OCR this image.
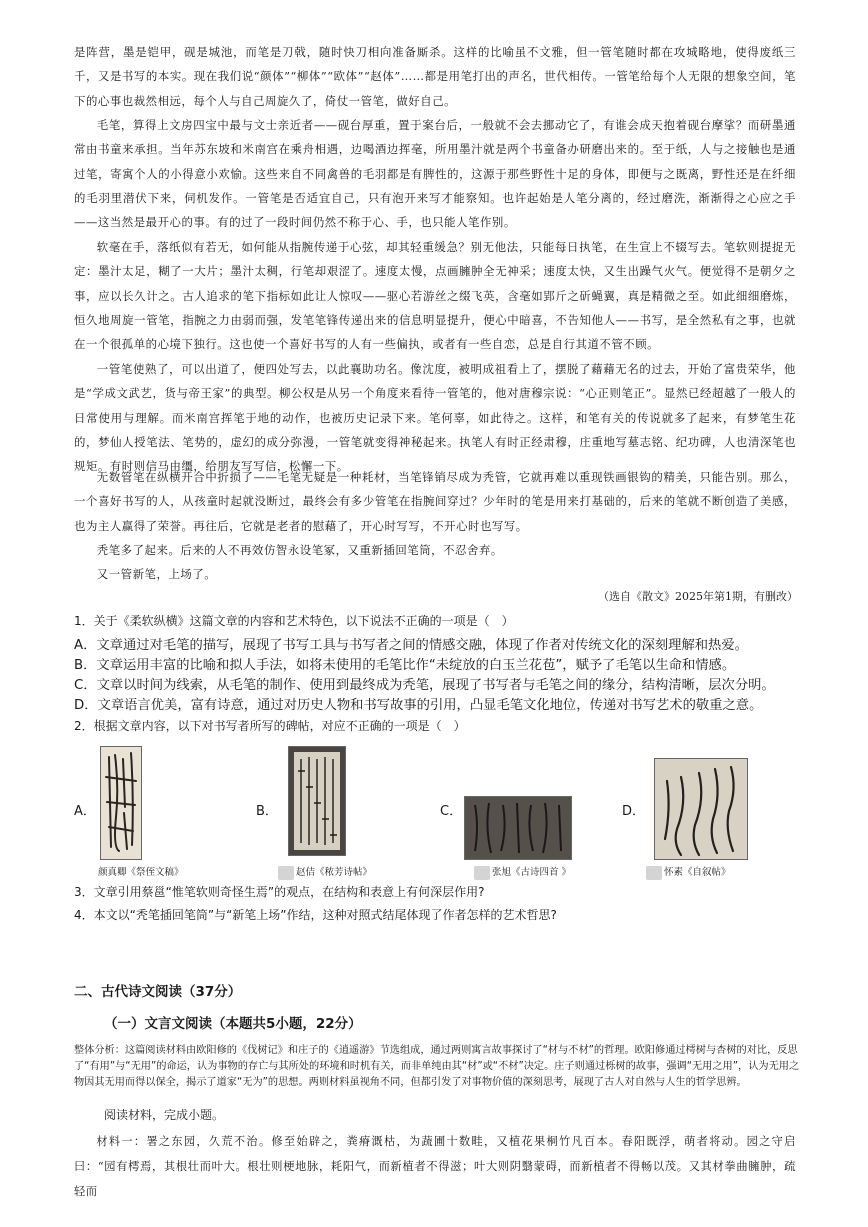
是阵营，墨是铠甲，砚是城池，而笔是刀戟，随时快刀相向准备厮杀。这样的比喻虽不文雅，但一管笔随时都在攻城略地，使得废纸三千，又是书写的本实。现在我们说“颜体”“柳体”“欧体”“赵体”……都是用笔打出的声名，世代相传。一管笔给每个人无限的想象空间，笔下的心事也裁然相远，每个人与自己周旋久了，倚仗一管笔，做好自己。
毛笔，算得上文房四宝中最与文士亲近者——砚台厚重，置于案台后，一般就不会去挪动它了，有谁会成天抱着砚台摩挲？而研墨通常由书童来承担。当年苏东坡和米南宫在乘舟相遇，边喝酒边挥毫，所用墨汁就是两个书童备办研磨出来的。至于纸，人与之接触也是通过笔，寄寓个人的小得意小欢愉。这些来自不同禽兽的毛羽都是有脾性的，这源于那些野性十足的身体，即便与之既离，野性还是在纤细的毛羽里潜伏下来，伺机发作。一管笔是否适宜自己，只有泡开来写才能察知。也许起始是人笔分离的，经过磨洗，渐渐得之心应之手——这当然是最开心的事。有的过了一段时间仍然不称于心、手，也只能人笔作别。
软毫在手，落纸似有若无，如何能从指腕传递于心弦，却其轻重缓急？别无他法，只能每日执笔，在生宣上不辍写去。笔软则提捉无定：墨汁太足，糊了一大片；墨汁太稠，行笔却艰涩了。速度太慢，点画臃肿全无神采；速度太快，又生出躁气火气。便觉得不是朝夕之事，应以长久计之。古人追求的笔下指标如此让人惊叹——驱心若游丝之缀飞英，含毫如郢斤之斫蝇翼，真是精微之至。如此细细磨炼，恒久地周旋一管笔，指腕之力由弱而强，发笔笔锋传递出来的信息明显提升，便心中暗喜，不告知他人——书写，是全然私有之事，也就在一个很孤单的心境下独行。这也使一个喜好书写的人有一些偏执，或者有一些自恋，总是自行其道不管不顾。
一管笔使熟了，可以出道了，便四处写去，以此襄助功名。像沈度，被明成祖看上了，摆脱了藉藉无名的过去，开始了富贵荣华，他是“学成文武艺，货与帝王家”的典型。柳公权是从另一个角度来看待一管笔的，他对唐穆宗说：“心正则笔正”。显然已经超越了一般人的日常使用与理解。而米南宫挥笔于地的动作，也被历史记录下来。笔何辜，如此待之。这样，和笔有关的传说就多了起来，有梦笔生花的，梦仙人授笔法、笔势的，虚幻的成分弥漫，一管笔就变得神秘起来。执笔人有时正经肃穆，庄重地写墓志铭、纪功碑，人也清深笔也规矩。有时则信马由缰，给朋友写写信，松懈一下。
无数管笔在纵横开合中折损了——毛笔无疑是一种耗材，当笔锋销尽成为秃管，它就再难以重现铁画银钩的精美，只能告别。那么，一个喜好书写的人，从孩童时起就没断过，最终会有多少管笔在指腕间穿过？少年时的笔是用来打基础的，后来的笔就不断创造了美感，也为主人赢得了荣誉。再往后，它就是老者的慰藉了，开心时写写，不开心时也写写。
秃笔多了起来。后来的人不再效仿智永设笔冢，又重新插回笔筒，不忍舍弃。
又一管新笔，上场了。
（选自《散文》2025年第1期，有删改）
1．关于《柔软纵横》这篇文章的内容和艺术特色，以下说法不正确的一项是（　）
A．文章通过对毛笔的描写，展现了书写工具与书写者之间的情感交融，体现了作者对传统文化的深刻理解和热爱。
B．文章运用丰富的比喻和拟人手法，如将未使用的毛笔比作“未绽放的白玉兰花苞”，赋予了毛笔以生命和情感。
C．文章以时间为线索，从毛笔的制作、使用到最终成为秃笔，展现了书写者与毛笔之间的缘分，结构清晰，层次分明。
D．文章语言优美，富有诗意，通过对历史人物和书写故事的引用，凸显毛笔文化地位，传递对书写艺术的敬重之意。
2．根据文章内容，以下对书写者所写的碑帖，对应不正确的一项是（　）
A．
颜真卿《祭侄文稿》
B．
赵佶《秾芳诗帖》
C．
张旭《古诗四首 》
D．
怀素《自叙帖》
3．文章引用蔡邕“惟笔软则奇怪生焉”的观点，在结构和表意上有何深层作用?
4．本文以“秃笔插回笔筒”与“新笔上场”作结，这种对照式结尾体现了作者怎样的艺术哲思?
二、古代诗文阅读（37分）
（一）文言文阅读（本题共5小题，22分）
整体分析：这篇阅读材料由欧阳修的《伐树记》和庄子的《逍遥游》节选组成，通过两则寓言故事探讨了“材与不材”的哲理。欧阳修通过樗树与杏树的对比，反思了“有用”与“无用”的命运，认为事物的存亡与其所处的环境和时机有关，而非单纯由其“材”或“不材”决定。庄子则通过栎树的故事，强调“无用之用”，认为无用之物因其无用而得以保全，揭示了道家“无为”的思想。两则材料虽视角不同，但都引发了对事物价值的深刻思考，展现了古人对自然与人生的哲学思辨。
阅读材料，完成小题。
材料一：署之东园，久荒不治。修至始辟之，粪瘠溉枯，为蔬圃十数畦，又植花果桐竹凡百本。春阳既浮，萌者将动。园之守启曰：“园有樗焉，其根壮而叶大。根壮则梗地脉，耗阳气，而新植者不得滋；叶大则阴翳蒙碍，而新植者不得畅以茂。又其材拳曲臃肿，疏轻而
